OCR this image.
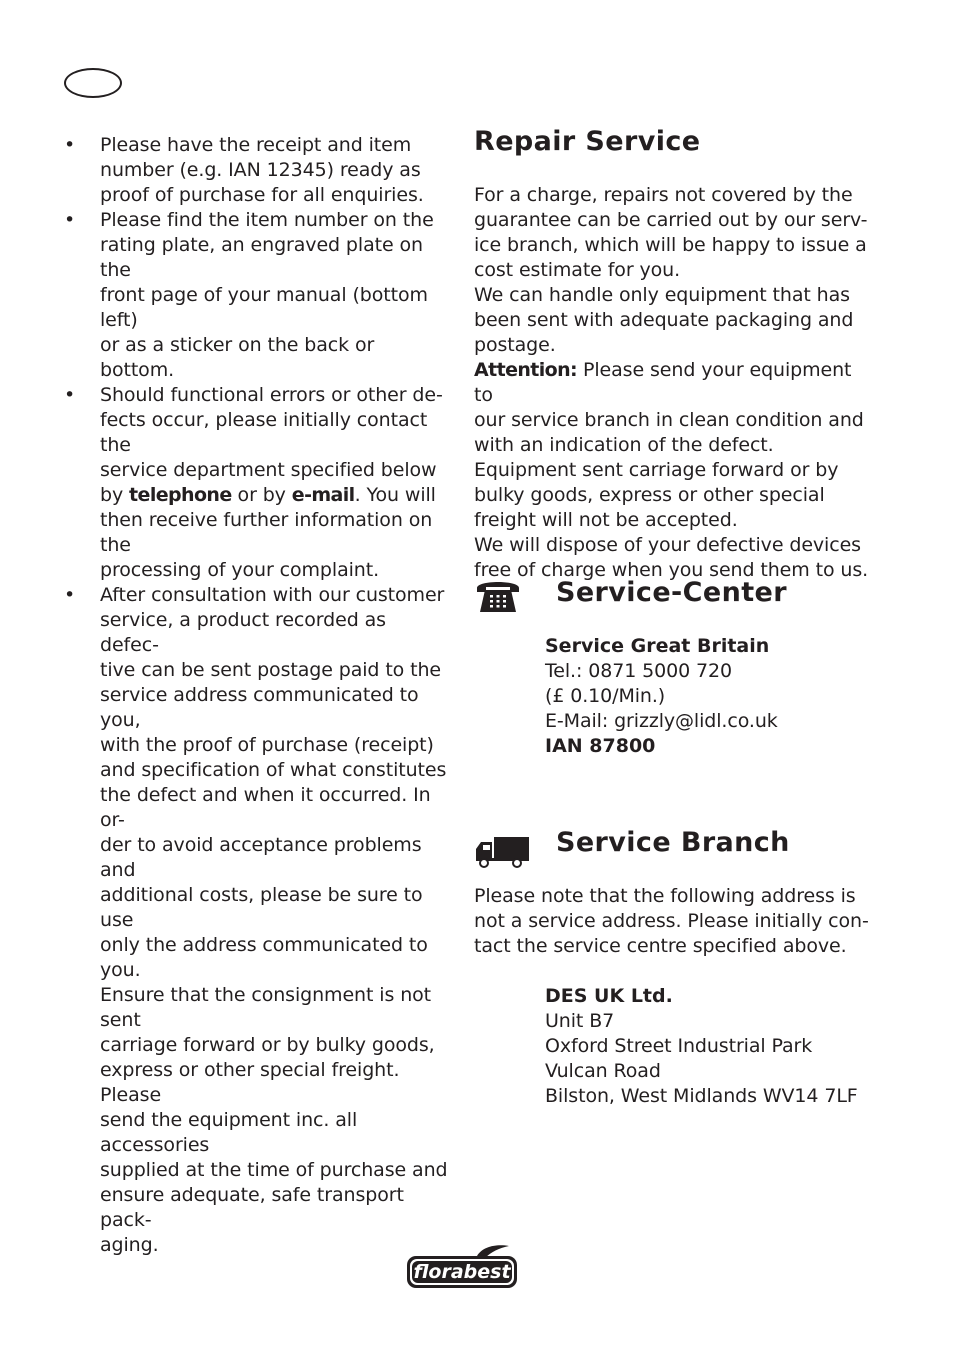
• Please have the receipt and item
number (e.g. IAN 12345) ready as
proof of purchase for all enquiries.
• Please find the item number on the
rating plate, an engraved plate on the
front page of your manual (bottom left)
or as a sticker on the back or bottom.
• Should functional errors or other de-
fects occur, please initially contact the
service department specified below
by telephone or by e-mail. You will
then receive further information on the
processing of your complaint.
• After consultation with our customer
service, a product recorded as defec-
tive can be sent postage paid to the
service address communicated to you,
with the proof of purchase (receipt)
and specification of what constitutes
the defect and when it occurred. In or-
der to avoid acceptance problems and
additional costs, please be sure to use
only the address communicated to you.
Ensure that the consignment is not sent
carriage forward or by bulky goods,
express or other special freight. Please
send the equipment inc. all accessories
supplied at the time of purchase and
ensure adequate, safe transport pack-
aging.
Repair Service

For a charge, repairs not covered by the
guarantee can be carried out by our serv-
ice branch, which will be happy to issue a
cost estimate for you.
We can handle only equipment that has
been sent with adequate packaging and
postage.

Attention: Please send your equipment to
our service branch in clean condition and
with an indication of the defect.
Equipment sent carriage forward or by
bulky goods, express or other special
freight will not be accepted.
We will dispose of your defective devices
free of charge when you send them to us.

Service-Center
Service Great Britain
Tel.: 0871 5000 720
(£ 0.10/Min.)
E-Mail: grizzly@lidl.co.uk
IAN 87800
Service Branch

Please note that the following address is
not a service address. Please initially con-
tact the service centre specified above.

DES UK Ltd.
Unit B7
Oxford Street Industrial Park
Vulcan Road
Bilston, West Midlands WV14 7LF
florabest
